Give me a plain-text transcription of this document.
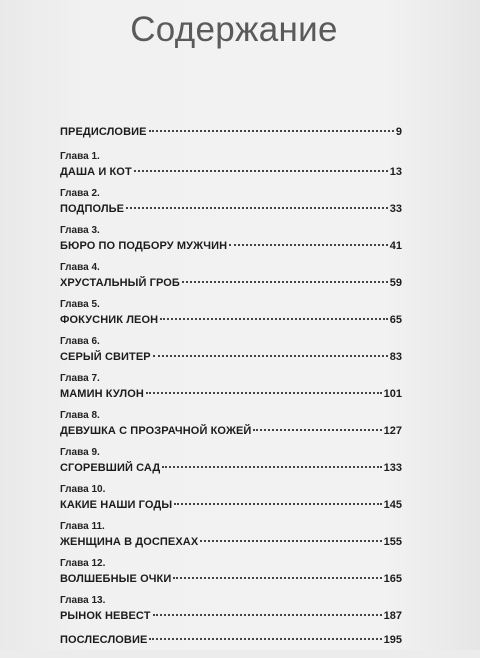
Содержание
ПРЕДИСЛОВИЕ	9
Глава 1.
ДАША И КОТ	13
Глава 2.
ПОДПОЛЬЕ	33
Глава 3.
БЮРО ПО ПОДБОРУ МУЖЧИН	41
Глава 4.
ХРУСТАЛЬНЫЙ ГРОБ	59
Глава 5.
ФОКУСНИК ЛЕОН	65
Глава 6.
СЕРЫЙ СВИТЕР	83
Глава 7.
МАМИН КУЛОН	101
Глава 8.
ДЕВУШКА С ПРОЗРАЧНОЙ КОЖЕЙ	127
Глава 9.
СГОРЕВШИЙ САД	133
Глава 10.
КАКИЕ НАШИ ГОДЫ	145
Глава 11.
ЖЕНЩИНА В ДОСПЕХАХ	155
Глава 12.
ВОЛШЕБНЫЕ ОЧКИ	165
Глава 13.
РЫНОК НЕВЕСТ	187
ПОСЛЕСЛОВИЕ	195
